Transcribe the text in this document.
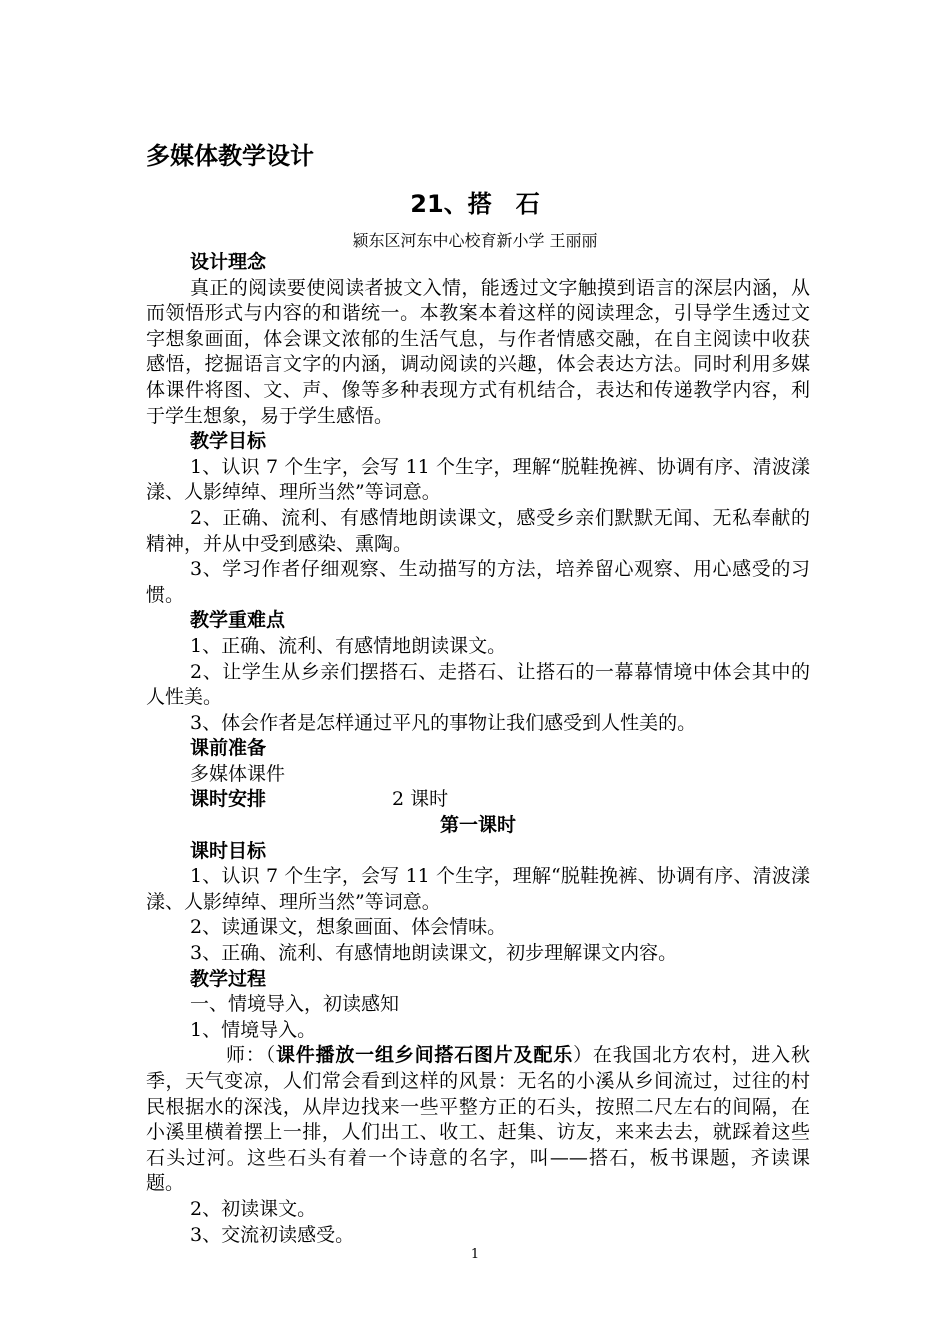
多媒体教学设计
21、搭　石
颍东区河东中心校育新小学 王丽丽

设计理念

真正的阅读要使阅读者披文入情，能透过文字触摸到语言的深层内涵，从而领悟形式与内容的和谐统一。本教案本着这样的阅读理念，引导学生透过文字想象画面，体会课文浓郁的生活气息，与作者情感交融，在自主阅读中收获感悟，挖掘语言文字的内涵，调动阅读的兴趣，体会表达方法。同时利用多媒体课件将图、文、声、像等多种表现方式有机结合，表达和传递教学内容，利于学生想象，易于学生感悟。

教学目标

1、认识 7 个生字，会写 11 个生字，理解“脱鞋挽裤、协调有序、清波漾漾、人影绰绰、理所当然”等词意。

2、正确、流利、有感情地朗读课文，感受乡亲们默默无闻、无私奉献的精神，并从中受到感染、熏陶。

3、学习作者仔细观察、生动描写的方法，培养留心观察、用心感受的习惯。

教学重难点

1、正确、流利、有感情地朗读课文。

2、让学生从乡亲们摆搭石、走搭石、让搭石的一幕幕情境中体会其中的人性美。

3、体会作者是怎样通过平凡的事物让我们感受到人性美的。

课前准备

多媒体课件

课时安排	2 课时

第一课时

课时目标

1、认识 7 个生字，会写 11 个生字，理解“脱鞋挽裤、协调有序、清波漾漾、人影绰绰、理所当然”等词意。

2、读通课文，想象画面、体会情味。

3、正确、流利、有感情地朗读课文，初步理解课文内容。

教学过程

一、情境导入，初读感知

1、情境导入。

师：（课件播放一组乡间搭石图片及配乐）在我国北方农村，进入秋季，天气变凉，人们常会看到这样的风景：无名的小溪从乡间流过，过往的村民根据水的深浅，从岸边找来一些平整方正的石头，按照二尺左右的间隔，在小溪里横着摆上一排，人们出工、收工、赶集、访友，来来去去，就踩着这些石头过河。这些石头有着一个诗意的名字，叫——搭石，板书课题，齐读课题。

2、初读课文。

3、交流初读感受。

1
